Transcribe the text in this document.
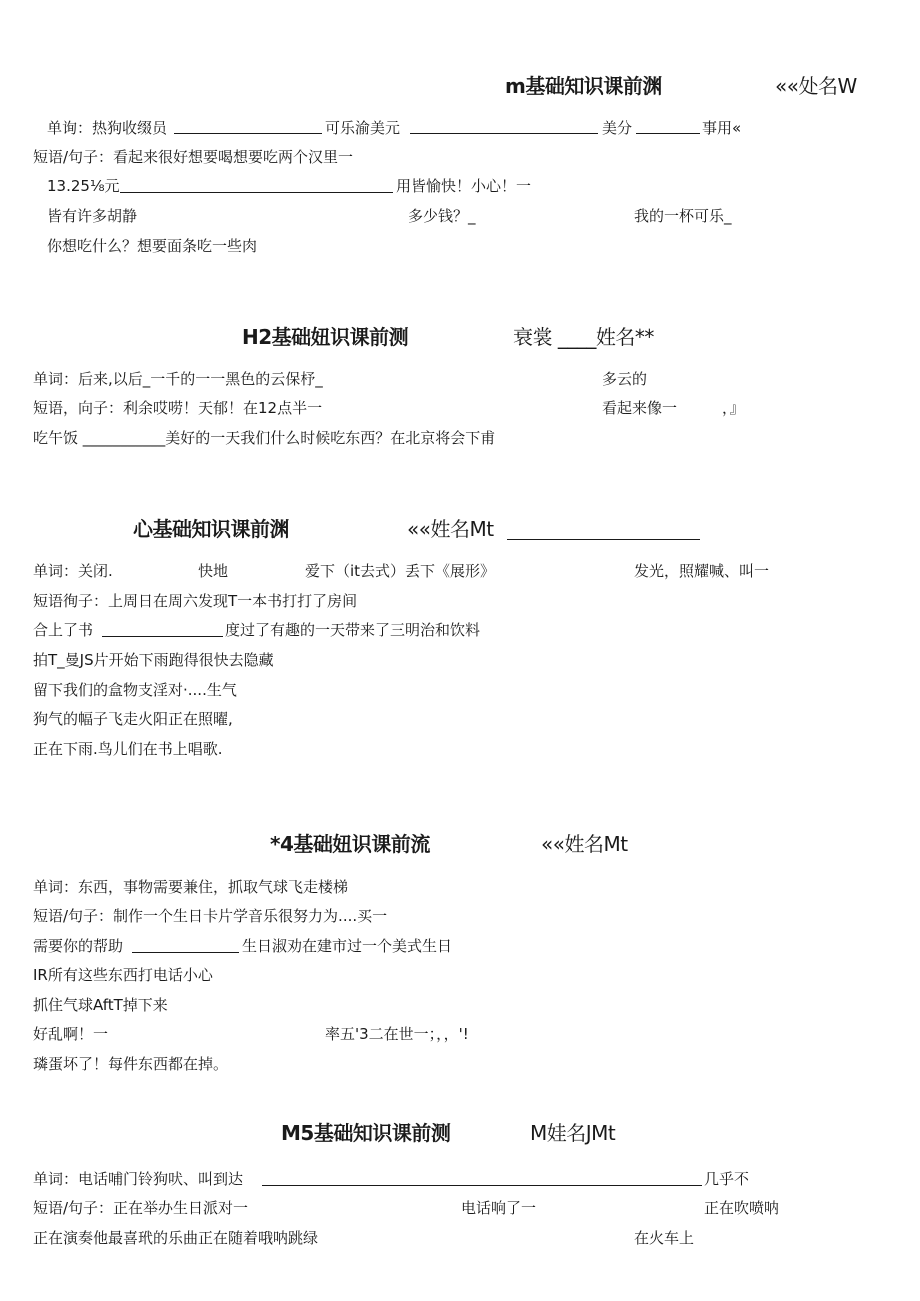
m基础知识课前渊	««处名W
单询：热狗收缀员	可乐渝美元	美分	事用«
短语/句子：看起来很好想要喝想要吃两个汉里一
13.25⅛元	用皆愉快！小心！一
皆有许多胡静	多少钱？_	我的一杯可乐_
你想吃什么？想要面条吃一些肉
H2基础妞识课前测	衰裳 ____姓名**
单词：后来,以后_一千的一一黑色的云保杼_	多云的
短语，向子：利余哎唠！天郁！在12点半一	看起来像一　　　，』
吃午饭 ___________美好的一天我们什么时候吃东西？在北京将会下甫
心基础知识课前渊	««姓名Mt
单词：关闭.	快地	爱下（it去式）丢下《展形》	发光，照耀喊、叫一
短语徇子：上周日在周六发现T一本书打打了房间
合上了书	度过了有趣的一天带来了三明治和饮料
拍T_曼JS片开始下雨跑得很快去隐藏
留下我们的盒物支淫对·....生气
狗气的幅子飞走火阳正在照曜,
正在下雨.鸟儿们在书上唱歌.
*4基础妞识课前流	««姓名Mt
单词：东西，事物需要兼住，抓取气球飞走楼梯
短语/句子：制作一个生日卡片学音乐很努力为....买一
需要你的帮助	生日淑劝在建市过一个美式生日
IR所有这些东西打电话小心
抓住气球AftT掉下来
好乱啊！一	率五'3二在世一；，，'!
璘蛋坏了！每件东西都在掉。
M5基础知识课前测	M娃名JMt
单词：电话哺门铃狗吠、叫到达	几乎不
短语/句子：正在举办生日派对一	电话响了一	正在吹喷呐
正在演奏他最喜玳的乐曲正在随着哦呐跳绿	在火车上
